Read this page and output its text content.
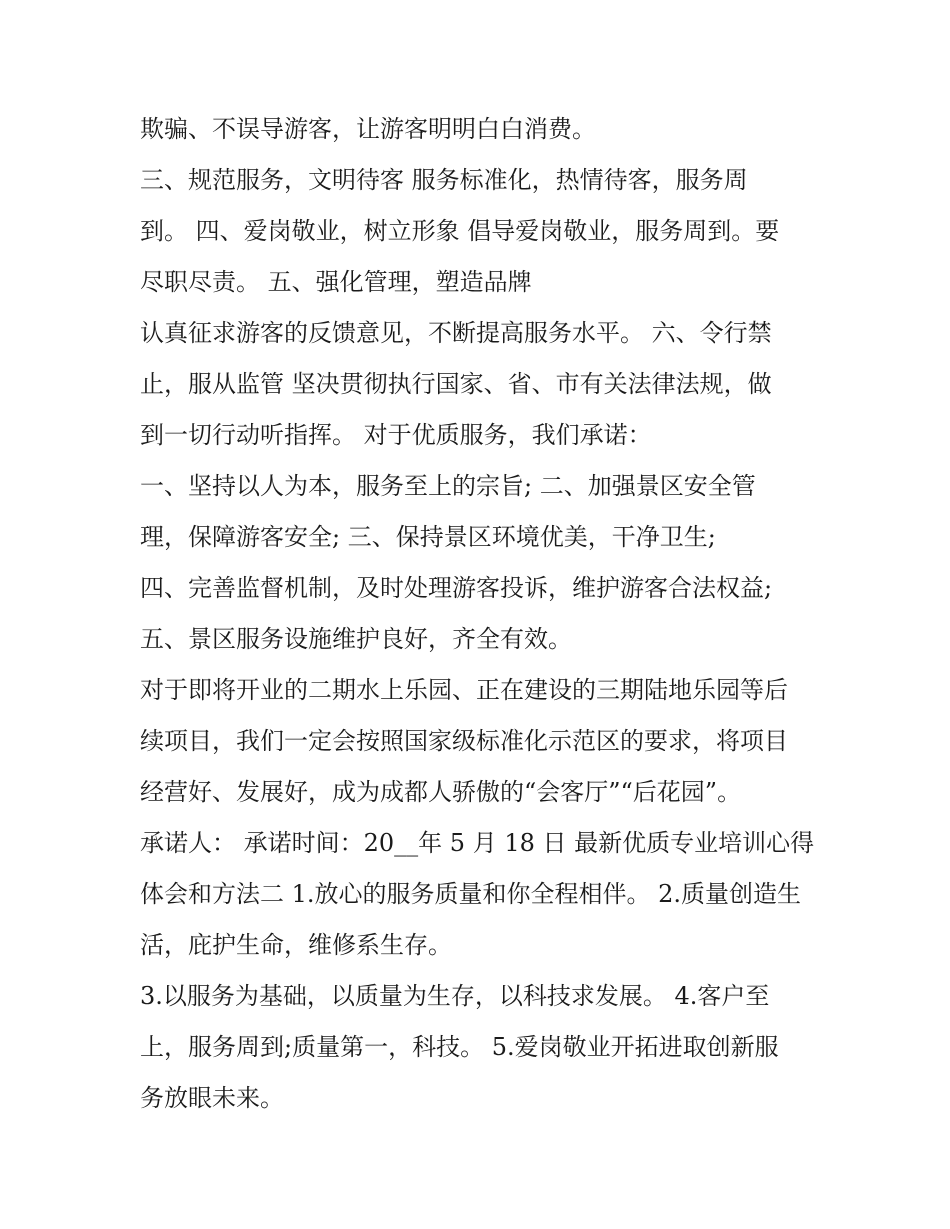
欺骗、不误导游客，让游客明明白白消费。
三、规范服务，文明待客 服务标准化，热情待客，服务周
到。 四、爱岗敬业，树立形象 倡导爱岗敬业，服务周到。要
尽职尽责。 五、强化管理，塑造品牌
认真征求游客的反馈意见，不断提高服务水平。 六、令行禁
止，服从监管 坚决贯彻执行国家、省、市有关法律法规，做
到一切行动听指挥。 对于优质服务，我们承诺：
一、坚持以人为本，服务至上的宗旨; 二、加强景区安全管
理，保障游客安全; 三、保持景区环境优美，干净卫生;
四、完善监督机制，及时处理游客投诉，维护游客合法权益;
五、景区服务设施维护良好，齐全有效。
对于即将开业的二期水上乐园、正在建设的三期陆地乐园等后
续项目，我们一定会按照国家级标准化示范区的要求，将项目
经营好、发展好，成为成都人骄傲的“会客厅”“后花园”。
承诺人： 承诺时间：20__年 5 月 18 日 最新优质专业培训心得
体会和方法二 1.放心的服务质量和你全程相伴。 2.质量创造生
活，庇护生命，维修系生存。
3.以服务为基础，以质量为生存，以科技求发展。 4.客户至
上，服务周到;质量第一，科技。 5.爱岗敬业开拓进取创新服
务放眼未来。
